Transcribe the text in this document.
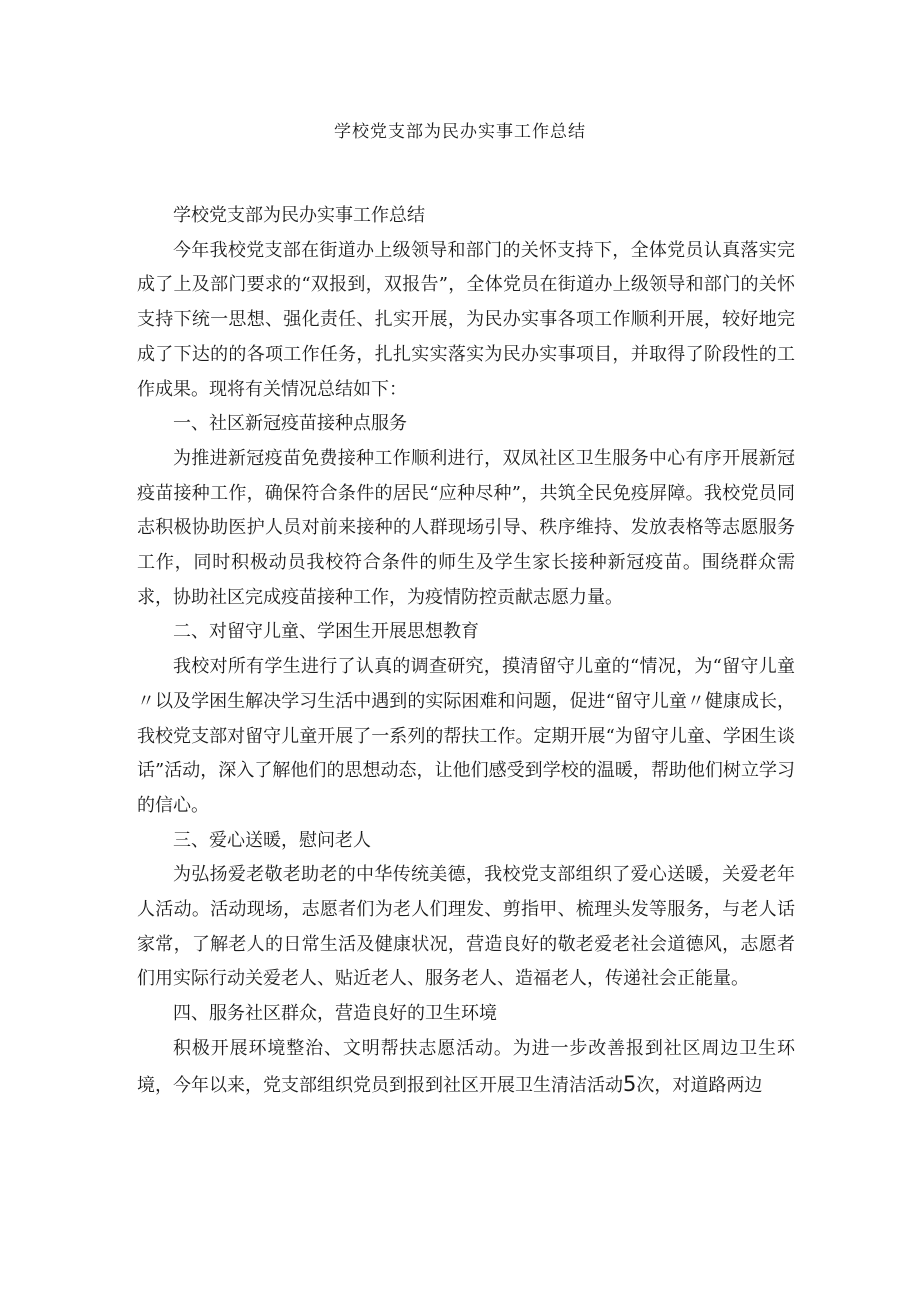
学校党支部为民办实事工作总结

学校党支部为民办实事工作总结

今年我校党支部在街道办上级领导和部门的关怀支持下，全体党员认真落实完成了上及部门要求的“双报到，双报告”，全体党员在街道办上级领导和部门的关怀支持下统一思想、强化责任、扎实开展，为民办实事各项工作顺利开展，较好地完成了下达的的各项工作任务，扎扎实实落实为民办实事项目，并取得了阶段性的工作成果。现将有关情况总结如下：

一、社区新冠疫苗接种点服务

为推进新冠疫苗免费接种工作顺利进行，双凤社区卫生服务中心有序开展新冠疫苗接种工作，确保符合条件的居民“应种尽种”，共筑全民免疫屏障。我校党员同志积极协助医护人员对前来接种的人群现场引导、秩序维持、发放表格等志愿服务工作，同时积极动员我校符合条件的师生及学生家长接种新冠疫苗。围绕群众需求，协助社区完成疫苗接种工作，为疫情防控贡献志愿力量。

二、对留守儿童、学困生开展思想教育

我校对所有学生进行了认真的调查研究，摸清留守儿童的“情况，为“留守儿童〃以及学困生解决学习生活中遇到的实际困难和问题，促进“留守儿童〃健康成长，我校党支部对留守儿童开展了一系列的帮扶工作。定期开展“为留守儿童、学困生谈话”活动，深入了解他们的思想动态，让他们感受到学校的温暖，帮助他们树立学习的信心。

三、爱心送暖，慰问老人

为弘扬爱老敬老助老的中华传统美德，我校党支部组织了爱心送暖，关爱老年人活动。活动现场，志愿者们为老人们理发、剪指甲、梳理头发等服务，与老人话家常，了解老人的日常生活及健康状况，营造良好的敬老爱老社会道德风，志愿者们用实际行动关爱老人、贴近老人、服务老人、造福老人，传递社会正能量。

四、服务社区群众，营造良好的卫生环境

积极开展环境整治、文明帮扶志愿活动。为进一步改善报到社区周边卫生环境，今年以来，党支部组织党员到报到社区开展卫生清洁活动5次，对道路两边
